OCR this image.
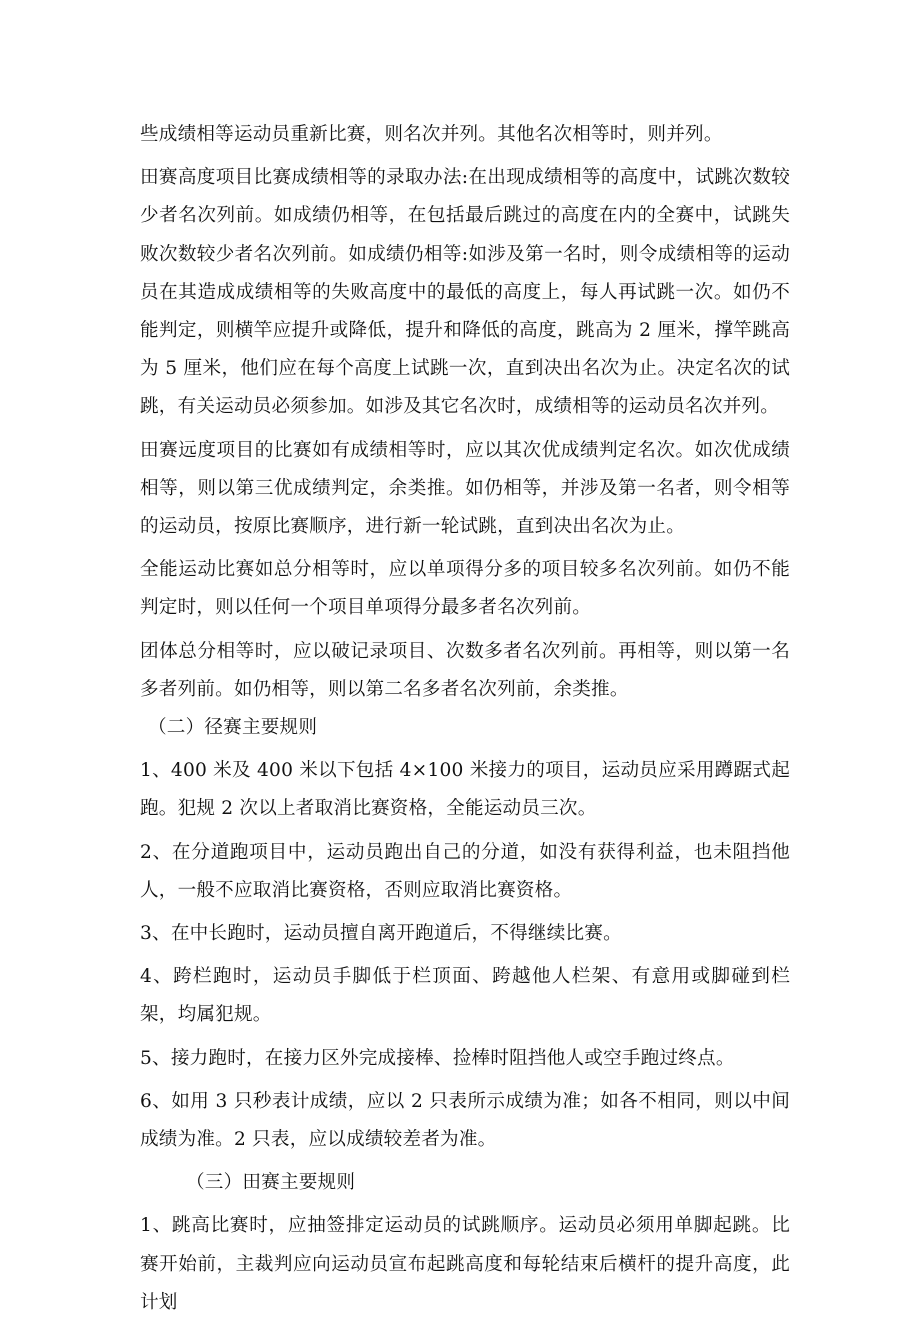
些成绩相等运动员重新比赛，则名次并列。其他名次相等时，则并列。

田赛高度项目比赛成绩相等的录取办法:在出现成绩相等的高度中，试跳次数较少者名次列前。如成绩仍相等，在包括最后跳过的高度在内的全赛中，试跳失败次数较少者名次列前。如成绩仍相等:如涉及第一名时，则令成绩相等的运动员在其造成成绩相等的失败高度中的最低的高度上，每人再试跳一次。如仍不能判定，则横竿应提升或降低，提升和降低的高度，跳高为 2 厘米，撑竿跳高为 5 厘米，他们应在每个高度上试跳一次，直到决出名次为止。决定名次的试跳，有关运动员必须参加。如涉及其它名次时，成绩相等的运动员名次并列。

田赛远度项目的比赛如有成绩相等时，应以其次优成绩判定名次。如次优成绩相等，则以第三优成绩判定，余类推。如仍相等，并涉及第一名者，则令相等的运动员，按原比赛顺序，进行新一轮试跳，直到决出名次为止。

全能运动比赛如总分相等时，应以单项得分多的项目较多名次列前。如仍不能判定时，则以任何一个项目单项得分最多者名次列前。

团体总分相等时，应以破记录项目、次数多者名次列前。再相等，则以第一名多者列前。如仍相等，则以第二名多者名次列前，余类推。

（二）径赛主要规则

1、400 米及 400 米以下包括 4×100 米接力的项目，运动员应采用蹲踞式起跑。犯规 2 次以上者取消比赛资格，全能运动员三次。

2、在分道跑项目中，运动员跑出自己的分道，如没有获得利益，也未阻挡他人，一般不应取消比赛资格，否则应取消比赛资格。

3、在中长跑时，运动员擅自离开跑道后，不得继续比赛。

4、跨栏跑时，运动员手脚低于栏顶面、跨越他人栏架、有意用或脚碰到栏架，均属犯规。

5、接力跑时，在接力区外完成接棒、捡棒时阻挡他人或空手跑过终点。

6、如用 3 只秒表计成绩，应以 2 只表所示成绩为准；如各不相同，则以中间成绩为准。2 只表，应以成绩较差者为准。

（三）田赛主要规则

1、跳高比赛时，应抽签排定运动员的试跳顺序。运动员必须用单脚起跳。比赛开始前，主裁判应向运动员宣布起跳高度和每轮结束后横杆的提升高度，此计划
